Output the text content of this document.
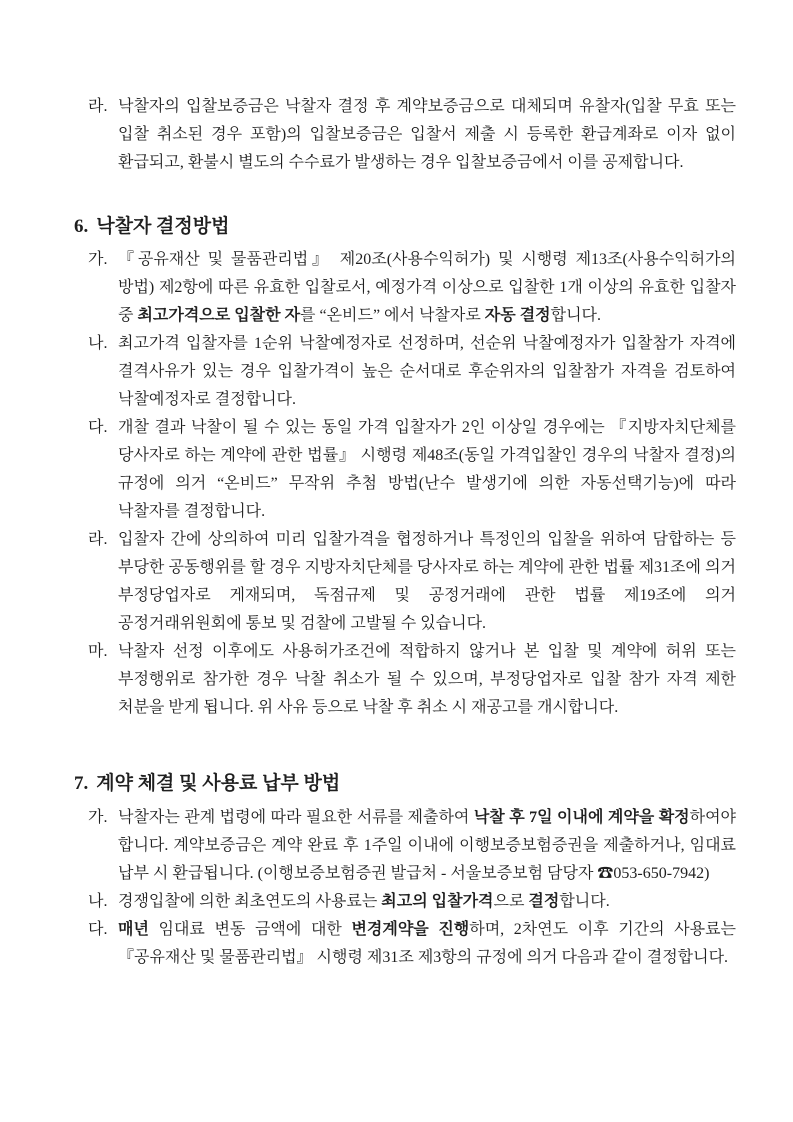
라. 낙찰자의 입찰보증금은 낙찰자 결정 후 계약보증금으로 대체되며 유찰자(입찰 무효 또는 입찰 취소된 경우 포함)의 입찰보증금은 입찰서 제출 시 등록한 환급계좌로 이자 없이 환급되고, 환불시 별도의 수수료가 발생하는 경우 입찰보증금에서 이를 공제합니다.
6. 낙찰자 결정방법
가. 『공유재산 및 물품관리법』 제20조(사용수익허가) 및 시행령 제13조(사용수익허가의 방법) 제2항에 따른 유효한 입찰로서, 예정가격 이상으로 입찰한 1개 이상의 유효한 입찰자 중 최고가격으로 입찰한 자를 “온비드” 에서 낙찰자로 자동 결정합니다.
나. 최고가격 입찰자를 1순위 낙찰예정자로 선정하며, 선순위 낙찰예정자가 입찰참가 자격에 결격사유가 있는 경우 입찰가격이 높은 순서대로 후순위자의 입찰참가 자격을 검토하여 낙찰예정자로 결정합니다.
다. 개찰 결과 낙찰이 될 수 있는 동일 가격 입찰자가 2인 이상일 경우에는 『지방자치단체를 당사자로 하는 계약에 관한 법률』 시행령 제48조(동일 가격입찰인 경우의 낙찰자 결정)의 규정에 의거 “온비드” 무작위 추첨 방법(난수 발생기에 의한 자동선택기능)에 따라 낙찰자를 결정합니다.
라. 입찰자 간에 상의하여 미리 입찰가격을 협정하거나 특정인의 입찰을 위하여 담합하는 등 부당한 공동행위를 할 경우 지방자치단체를 당사자로 하는 계약에 관한 법률 제31조에 의거 부정당업자로 게재되며, 독점규제 및 공정거래에 관한 법률 제19조에 의거 공정거래위원회에 통보 및 검찰에 고발될 수 있습니다.
마. 낙찰자 선정 이후에도 사용허가조건에 적합하지 않거나 본 입찰 및 계약에 허위 또는 부정행위로 참가한 경우 낙찰 취소가 될 수 있으며, 부정당업자로 입찰 참가 자격 제한 처분을 받게 됩니다. 위 사유 등으로 낙찰 후 취소 시 재공고를 개시합니다.
7. 계약 체결 및 사용료 납부 방법
가. 낙찰자는 관계 법령에 따라 필요한 서류를 제출하여 낙찰 후 7일 이내에 계약을 확정하여야 합니다. 계약보증금은 계약 완료 후 1주일 이내에 이행보증보험증권을 제출하거나, 임대료 납부 시 환급됩니다. (이행보증보험증권 발급처 - 서울보증보험 담당자 ☎053-650-7942)
나. 경쟁입찰에 의한 최초연도의 사용료는 최고의 입찰가격으로 결정합니다.
다. 매년 임대료 변동 금액에 대한 변경계약을 진행하며, 2차연도 이후 기간의 사용료는 『공유재산 및 물품관리법』 시행령 제31조 제3항의 규정에 의거 다음과 같이 결정합니다.
